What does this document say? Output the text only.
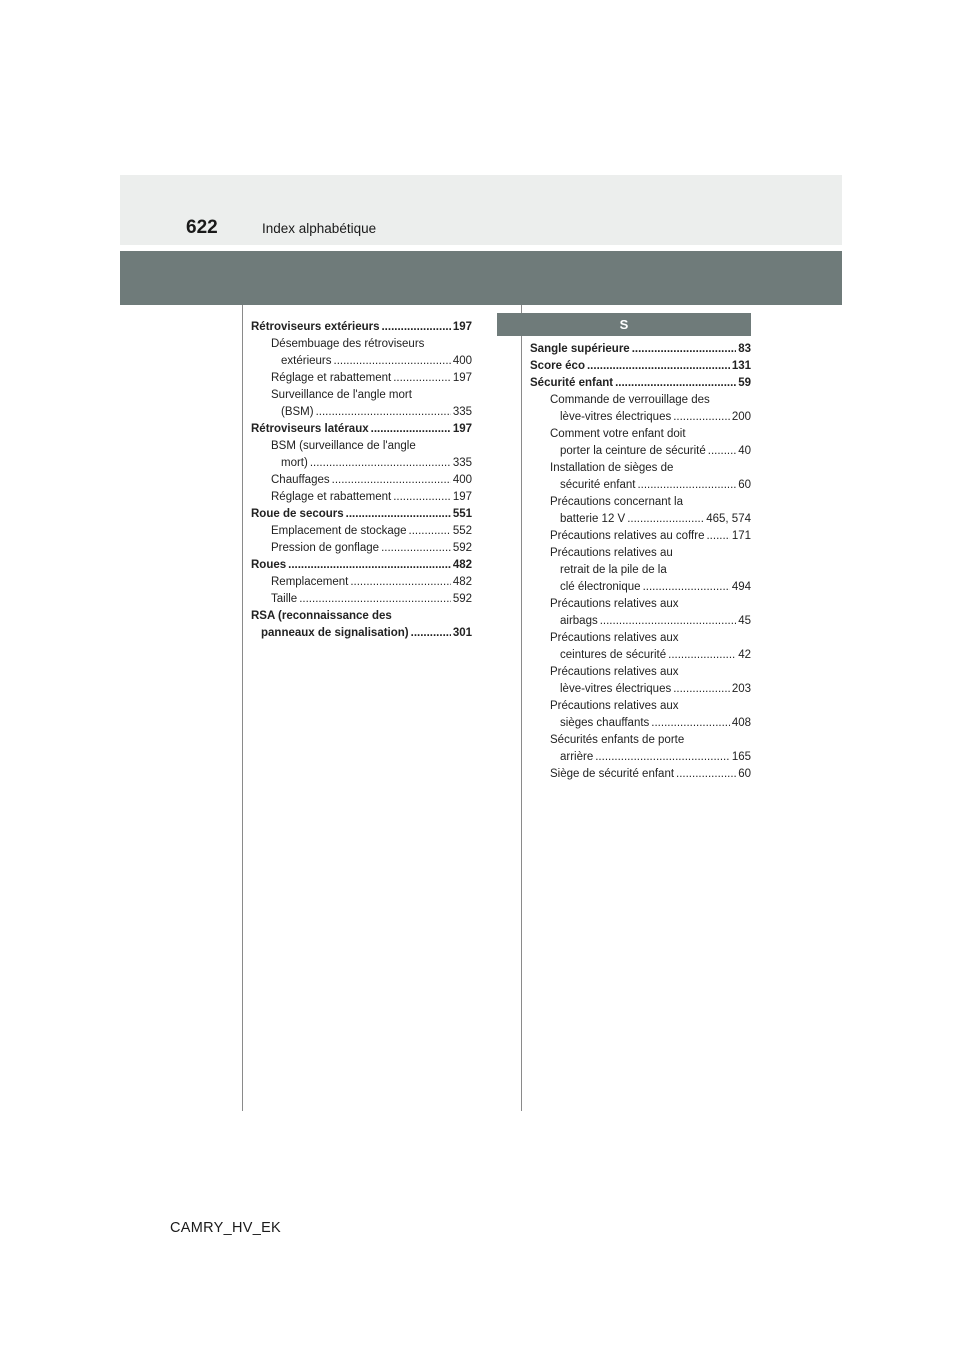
622	Index alphabétique
Rétroviseurs extérieurs .....	197
Désembuage des rétroviseurs
extérieurs .....	400
Réglage et rabattement .....	197
Surveillance de l'angle mort
(BSM) .....	335
Rétroviseurs latéraux .....	197
BSM (surveillance de l'angle
mort) .....	335
Chauffages .....	400
Réglage et rabattement .....	197
Roue de secours .....	551
Emplacement de stockage .....	552
Pression de gonflage .....	592
Roues .....	482
Remplacement .....	482
Taille .....	592
RSA (reconnaissance des
panneaux de signalisation) .....	301
S
Sangle supérieure .....	83
Score éco .....	131
Sécurité enfant .....	59
Commande de verrouillage des
lève-vitres électriques .....	200
Comment votre enfant doit
porter la ceinture de sécurité .....	40
Installation de sièges de
sécurité enfant .....	60
Précautions concernant la
batterie 12 V .....	465, 574
Précautions relatives au coffre ..... 171
Précautions relatives au
retrait de la pile de la
clé électronique .....	494
Précautions relatives aux
airbags .....	45
Précautions relatives aux
ceintures de sécurité .....	42
Précautions relatives aux
lève-vitres électriques .....	203
Précautions relatives aux
sièges chauffants .....	408
Sécurités enfants de porte
arrière .....	165
Siège de sécurité enfant .....	60
CAMRY_HV_EK
